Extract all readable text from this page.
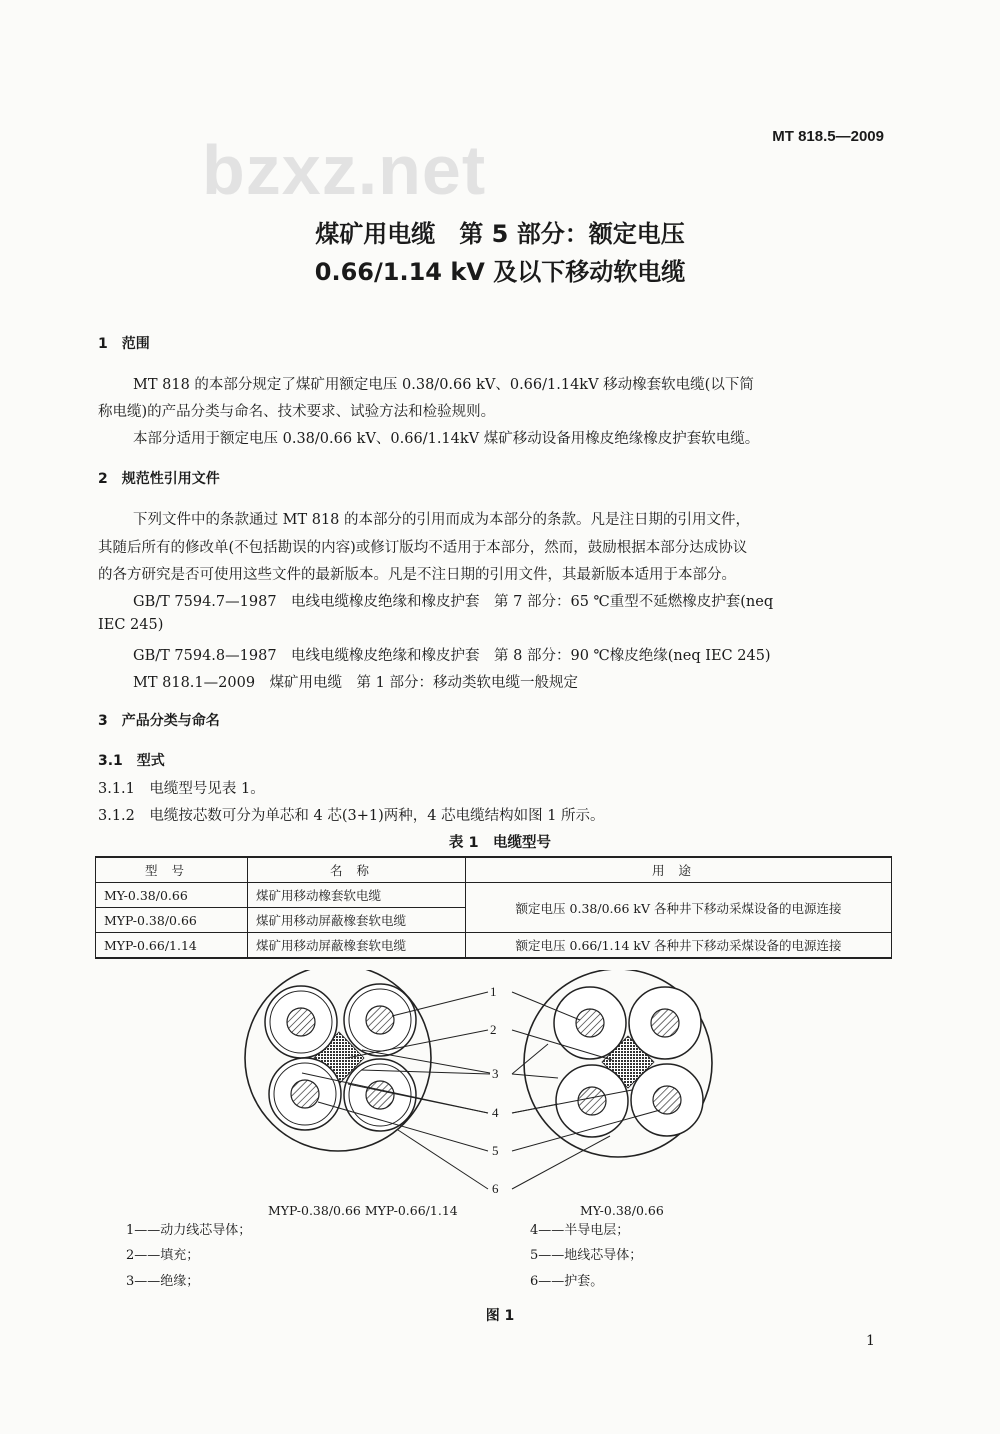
MT 818.5—2009
bzxz.net
煤矿用电缆　第 5 部分：额定电压
0.66/1.14 kV 及以下移动软电缆
1　范围
MT 818 的本部分规定了煤矿用额定电压 0.38/0.66 kV、0.66/1.14kV 移动橡套软电缆(以下简
称电缆)的产品分类与命名、技术要求、试验方法和检验规则。
本部分适用于额定电压 0.38/0.66 kV、0.66/1.14kV 煤矿移动设备用橡皮绝缘橡皮护套软电缆。
2　规范性引用文件
下列文件中的条款通过 MT 818 的本部分的引用而成为本部分的条款。凡是注日期的引用文件，
其随后所有的修改单(不包括勘误的内容)或修订版均不适用于本部分，然而，鼓励根据本部分达成协议
的各方研究是否可使用这些文件的最新版本。凡是不注日期的引用文件，其最新版本适用于本部分。
GB/T 7594.7—1987　电线电缆橡皮绝缘和橡皮护套　第 7 部分：65 ℃重型不延燃橡皮护套(neq
IEC 245)
GB/T 7594.8—1987　电线电缆橡皮绝缘和橡皮护套　第 8 部分：90 ℃橡皮绝缘(neq IEC 245)
MT 818.1—2009　煤矿用电缆　第 1 部分：移动类软电缆一般规定
3　产品分类与命名
3.1　型式
3.1.1　电缆型号见表 1。
3.1.2　电缆按芯数可分为单芯和 4 芯(3+1)两种，4 芯电缆结构如图 1 所示。
表 1　电缆型号
型号	名称	用途
MY-0.38/0.66	煤矿用移动橡套软电缆	额定电压 0.38/0.66 kV 各种井下移动采煤设备的电源连接
MYP-0.38/0.66	煤矿用移动屏蔽橡套软电缆	
MYP-0.66/1.14	煤矿用移动屏蔽橡套软电缆	额定电压 0.66/1.14 kV 各种井下移动采煤设备的电源连接
1
2
3
4
5
6
MYP-0.38/0.66 MYP-0.66/1.14	MY-0.38/0.66
1——动力线芯导体；
2——填充；
3——绝缘；
4——半导电层；
5——地线芯导体；
6——护套。
图 1
1
